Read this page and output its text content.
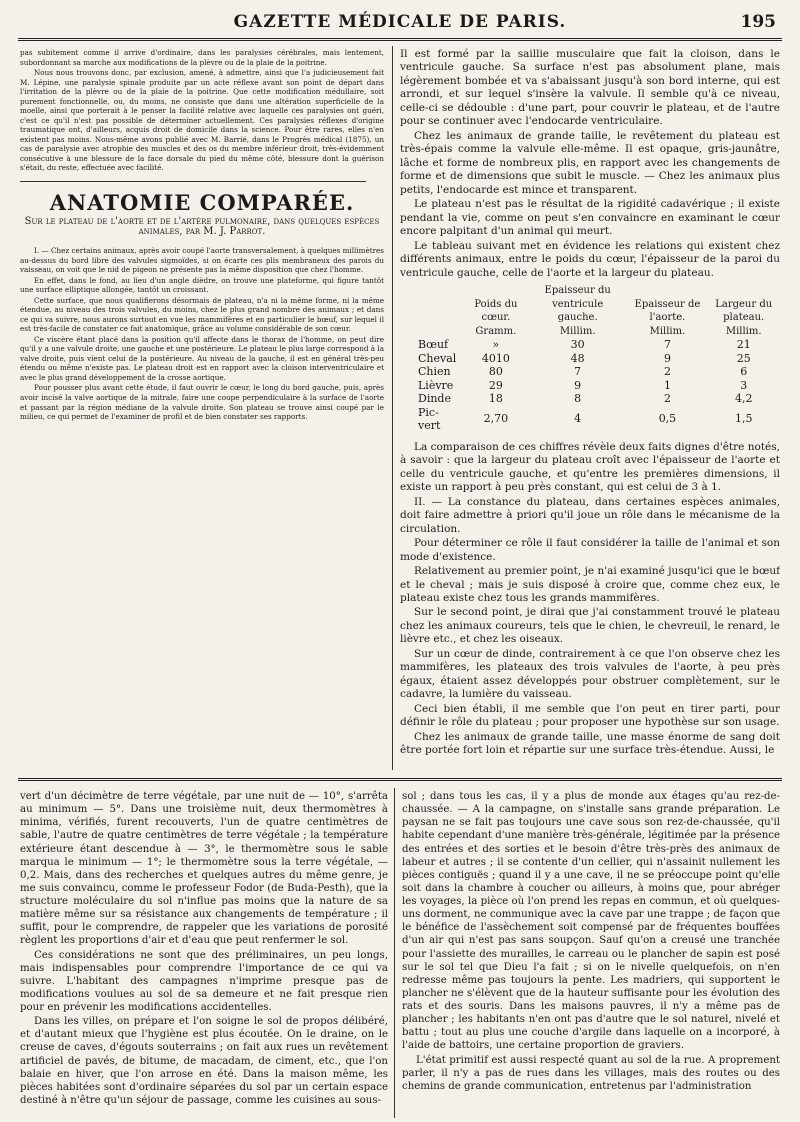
GAZETTE MÉDICALE DE PARIS.	195

pas subitement comme il arrive d'ordinaire, dans les paralysies cérébrales, mais lentement, subordonnant sa marche aux modifications de la plèvre ou de la plaie de la poitrine.

Nous nous trouvons donc, par exclusion, amené, à admettre, ainsi que l'a judicieusement fait M. Lépine, une paralysie spinale produite par un acte réflexe avant son point de départ dans l'irritation de la plèvre ou de la plaie de la poitrine. Que cette modification médullaire, soit purement fonctionnelle, ou, du moins, ne consiste que dans une altération superficielle de la moelle, ainsi que porterait à le penser la facilité relative avec laquelle ces paralysies ont guéri, c'est ce qu'il n'est pas possible de déterminer actuellement. Ces paralysies réflexes d'origine traumatique ont, d'ailleurs, acquis droit de domicile dans la science. Pour être rares, elles n'en existent pas moins. Nous-même avons publié avec M. Barrié, dans le Progrès médical (1875), un cas de paralysie avec atrophie des muscles et des os du membre inférieur droit, très-évidemment consécutive à une blessure de la face dorsale du pied du même côté, blessure dont la guérison s'était, du reste, effectuée avec facilité.

ANATOMIE COMPARÉE.
Sur le plateau de l'aorte et de l'artère pulmonaire, dans quelques espèces animales, par M. J. Parrot.

I. — Chez certains animaux, après avoir coupé l'aorte transversalement, à quelques millimètres au-dessus du bord libre des valvules sigmoïdes, si on écarte ces plis membraneux des parois du vaisseau, on voit que le nid de pigeon ne présente pas la même disposition que chez l'homme.

En effet, dans le fond, au lieu d'un angle dièdre, on trouve une plateforme, qui figure tantôt une surface elliptique allongée, tantôt un croissant.

Cette surface, que nous qualifierons désormais de plateau, n'a ni la même forme, ni la même étendue, au niveau des trois valvules, du moins, chez le plus grand nombre des animaux ; et dans ce qui va suivre, nous aurons surtout en vue les mammifères et en particulier le bœuf, sur lequel il est très-facile de constater ce fait anatomique, grâce au volume considérable de son cœur.

Ce viscère étant placé dans la position qu'il affecte dans le thorax de l'homme, on peut dire qu'il y a une valvule droite, une gauche et une postérieure. Le plateau le plus large correspond à la valve droite, puis vient celui de la postérieure. Au niveau de la gauche, il est en général très-peu étendu ou même n'existe pas. Le plateau droit est en rapport avec la cloison interventriculaire et avec le plus grand développement de la crosse aortique.

Pour pousser plus avant cette étude, il faut ouvrir le cœur, le long du bord gauche, puis, après avoir incisé la valve aortique de la mitrale, faire une coupe perpendiculaire à la surface de l'aorte et passant par la région médiane de la valvule droite. Son plateau se trouve ainsi coupé par le milieu, ce qui permet de l'examiner de profil et de bien constater ses rapports.

Il est formé par la saillie musculaire que fait la cloison, dans le ventricule gauche. Sa surface n'est pas absolument plane, mais légèrement bombée et va s'abaissant jusqu'à son bord interne, qui est arrondi, et sur lequel s'insère la valvule. Il semble qu'à ce niveau, celle-ci se dédouble : d'une part, pour couvrir le plateau, et de l'autre pour se continuer avec l'endocarde ventriculaire.

Chez les animaux de grande taille, le revêtement du plateau est très-épais comme la valvule elle-même. Il est opaque, gris-jaunâtre, lâche et forme de nombreux plis, en rapport avec les changements de forme et de dimensions que subit le muscle. — Chez les animaux plus petits, l'endocarde est mince et transparent.

Le plateau n'est pas le résultat de la rigidité cadavérique ; il existe pendant la vie, comme on peut s'en convaincre en examinant le cœur encore palpitant d'un animal qui meurt.

Le tableau suivant met en évidence les relations qui existent chez différents animaux, entre le poids du cœur, l'épaisseur de la paroi du ventricule gauche, celle de l'aorte et la largeur du plateau.

	Poids du cœur.	Epaisseur du ventricule gauche.	Epaisseur de l'aorte.	Largeur du plateau.
	Gramm.	Millim.	Millim.	Millim.
Bœuf	»	30	7	21
Cheval	4010	48	9	25
Chien	80	7	2	6
Lièvre	29	9	1	3
Dinde	18	8	2	4,2
Pic-vert	2,70	4	0,5	1,5

La comparaison de ces chiffres révèle deux faits dignes d'être notés, à savoir : que la largeur du plateau croît avec l'épaisseur de l'aorte et celle du ventricule gauche, et qu'entre les premières dimensions, il existe un rapport à peu près constant, qui est celui de 3 à 1.

II. — La constance du plateau, dans certaines espèces animales, doit faire admettre à priori qu'il joue un rôle dans le mécanisme de la circulation.

Pour déterminer ce rôle il faut considérer la taille de l'animal et son mode d'existence.

Relativement au premier point, je n'ai examiné jusqu'ici que le bœuf et le cheval ; mais je suis disposé à croire que, comme chez eux, le plateau existe chez tous les grands mammifères.

Sur le second point, je dirai que j'ai constamment trouvé le plateau chez les animaux coureurs, tels que le chien, le chevreuil, le renard, le lièvre etc., et chez les oiseaux.

Sur un cœur de dinde, contrairement à ce que l'on observe chez les mammifères, les plateaux des trois valvules de l'aorte, à peu près égaux, étaient assez développés pour obstruer complètement, sur le cadavre, la lumière du vaisseau.

Ceci bien établi, il me semble que l'on peut en tirer parti, pour définir le rôle du plateau ; pour proposer une hypothèse sur son usage.

Chez les animaux de grande taille, une masse énorme de sang doit être portée fort loin et répartie sur une surface très-étendue. Aussi, le

vert d'un décimètre de terre végétale, par une nuit de — 10°, s'arrêta au minimum — 5°. Dans une troisième nuit, deux thermomètres à minima, vérifiés, furent recouverts, l'un de quatre centimètres de sable, l'autre de quatre centimètres de terre végétale ; la température extérieure étant descendue à — 3°, le thermomètre sous le sable marqua le minimum — 1°; le thermomètre sous la terre végétale, — 0,2. Mais, dans des recherches et quelques autres du même genre, je me suis convaincu, comme le professeur Fodor (de Buda-Pesth), que la structure moléculaire du sol n'influe pas moins que la nature de sa matière même sur sa résistance aux changements de température ; il suffit, pour le comprendre, de rappeler que les variations de porosité règlent les proportions d'air et d'eau que peut renfermer le sol.

Ces considérations ne sont que des préliminaires, un peu longs, mais indispensables pour comprendre l'importance de ce qui va suivre. L'habitant des campagnes n'imprime presque pas de modifications voulues au sol de sa demeure et ne fait presque rien pour en prévenir les modifications accidentelles.

Dans les villes, on prépare et l'on soigne le sol de propos délibéré, et d'autant mieux que l'hygiène est plus écoutée. On le draine, on le creuse de caves, d'égouts souterrains ; on fait aux rues un revêtement artificiel de pavés, de bitume, de macadam, de ciment, etc., que l'on balaie en hiver, que l'on arrose en été. Dans la maison même, les pièces habitées sont d'ordinaire séparées du sol par un certain espace destiné à n'être qu'un séjour de passage, comme les cuisines au sous-

sol ; dans tous les cas, il y a plus de monde aux étages qu'au rez-de-chaussée. — A la campagne, on s'installe sans grande préparation. Le paysan ne se fait pas toujours une cave sous son rez-de-chaussée, qu'il habite cependant d'une manière très-générale, légitimée par la présence des entrées et des sorties et le besoin d'être très-près des animaux de labeur et autres ; il se contente d'un cellier, qui n'assainit nullement les pièces contiguës ; quand il y a une cave, il ne se préoccupe point qu'elle soit dans la chambre à coucher ou ailleurs, à moins que, pour abréger les voyages, la pièce où l'on prend les repas en commun, et où quelques-uns dorment, ne communique avec la cave par une trappe ; de façon que le bénéfice de l'assèchement soit compensé par de fréquentes bouffées d'un air qui n'est pas sans soupçon. Sauf qu'on a creusé une tranchée pour l'assiette des murailles, le carreau ou le plancher de sapin est posé sur le sol tel que Dieu l'a fait ; si on le nivelle quelquefois, on n'en redresse même pas toujours la pente. Les madriers, qui supportent le plancher ne s'élèvent que de la hauteur suffisante pour les évolution des rats et des souris. Dans les maisons pauvres, il n'y a même pas de plancher ; les habitants n'en ont pas d'autre que le sol naturel, nivelé et battu ; tout au plus une couche d'argile dans laquelle on a incorporé, à l'aide de battoirs, une certaine proportion de graviers.

L'état primitif est aussi respecté quant au sol de la rue. A proprement parler, il n'y a pas de rues dans les villages, mais des routes ou des chemins de grande communication, entretenus par l'administration
